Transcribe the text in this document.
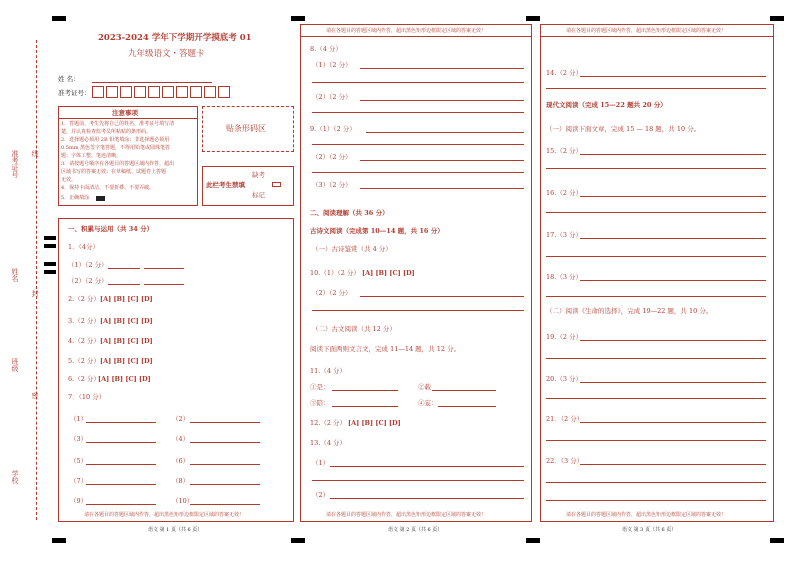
准考证号 线
姓名
封
班级
密
学校
2023-2024 学年下学期开学摸底考 01
九年级语文・答题卡
姓 名：
准考证号：
注意事项
1．答题前，考生先将自己的姓名，准考证号填写清
楚，并认真检查监考员所粘贴的条形码。
2．选择题必须用 2B 铅笔填涂；非选择题必须用
0.5mm 黑色签字笔答题，不得用铅笔或圆珠笔答
题；字体工整、笔迹清晰。
3．请按题号顺序在各题目的答题区域内作答，超出
区域书写的答案无效；在草稿纸、试题卷上答题
无效。
4．保持卡面清洁，不要折叠、不要弄破。
5．正确填涂
贴条形码区
此栏考生禁填
缺考
标记
一、积累与运用（共 34 分）
1．（4分）
（1）（2 分）
（2）（2 分）
2.（2 分） [A] [B] [C] [D]
3.（2 分） [A] [B] [C] [D]
4.（2 分） [A] [B] [C] [D]
5.（2 分） [A] [B] [C] [D]
6.（2 分）
[A] [B] [C] [D]
7．（10 分）
（1）	（2）
（3）	（4）
（5）	（6）
（7）	（8）
（9）	（10）
请在各题目的答题区域内作答，超出黑色矩形边框限定区域的答案无效！
语文 第 1 页（共 6 页）
请在各题目的答题区域内作答，超出黑色矩形边框限定区域的答案无效！
8.（4 分）
（1）（2 分）
（2）（2 分）
9.（1）（2 分）
（2）（2 分）
（3）（2 分）
二、阅读理解（共 36 分）
古诗文阅读（完成第 10—14 题，共 16 分）
（一）古诗鉴赏（共 4 分）
10.（1）（2 分） [A] [B] [C] [D]
（2）（2 分）
（二）古文阅读（共 12 分）
阅读下面两则文言文，完成 11—14 题，共 12 分。
11.（4 分）
①是：	②载
③陪：	④妄：
12.（2 分） [A] [B] [C] [D]
13.（4 分）
（1）
（2）
请在各题目的答题区域内作答，超出黑色矩形边框限定区域的答案无效！
语文 第 2 页（共 6 页）
请在各题目的答题区域内作答，超出黑色矩形边框限定区域的答案无效！
14.（2 分）
现代文阅读（完成 15—22 题共 20 分）
（一）阅读下面文章，完成 15 — 18 题，共 10 分。
15.（2 分）
16.（2 分）
17.（3 分）
18.（3 分）
（二）阅读《生命的选择》，完成 19—22 题，共 10 分。
19.（2 分）
20.（3 分）
21．（2 分）
22．（3 分）
请在各题目的答题区域内作答，超出黑色矩形边框限定区域的答案无效！
语文 第 3 页（共 6 页）
